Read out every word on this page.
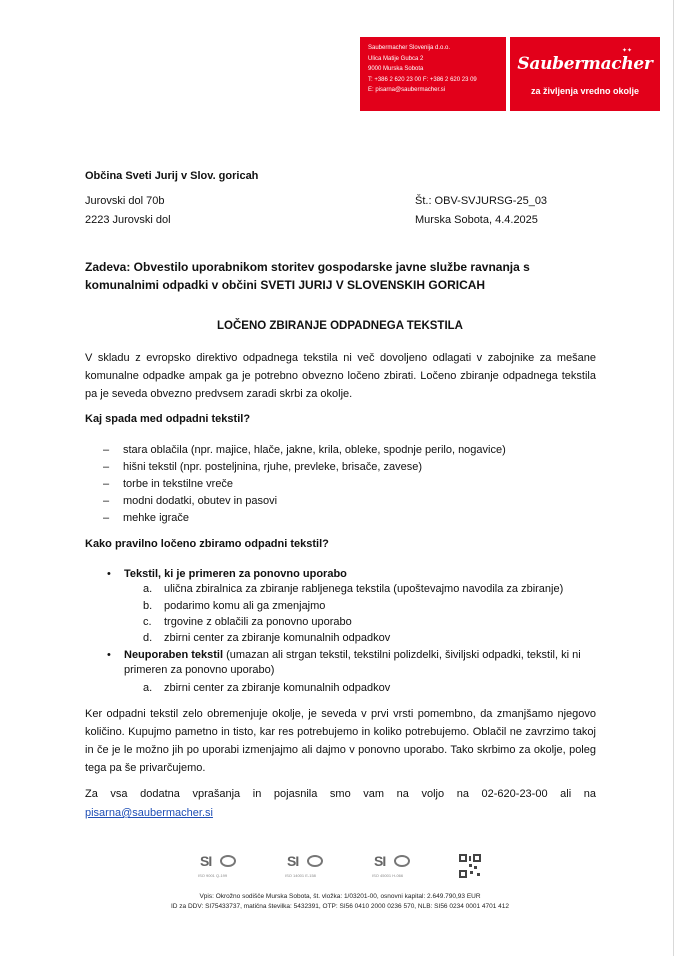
Saubermacher Slovenija d.o.o.
Ulica Matije Gubca 2
9000 Murska Sobota
T: +386 2 620 23 00 F: +386 2 620 23 09
E: pisarna@saubermacher.si
✦✦
Saubermacher
za življenja vredno okolje
Občina Sveti Jurij v Slov. goricah
Jurovski dol 70b
2223 Jurovski dol
Št.: OBV-SVJURSG-25_03
Murska Sobota, 4.4.2025
Zadeva: Obvestilo uporabnikom storitev gospodarske javne službe ravnanja s komunalnimi odpadki v občini SVETI JURIJ V SLOVENSKIH GORICAH
LOČENO ZBIRANJE ODPADNEGA TEKSTILA
V skladu z evropsko direktivo odpadnega tekstila ni več dovoljeno odlagati v zabojnike za mešane komunalne odpadke ampak ga je potrebno obvezno ločeno zbirati. Ločeno zbiranje odpadnega tekstila pa je seveda obvezno predvsem zaradi skrbi za okolje.
Kaj spada med odpadni tekstil?
– stara oblačila (npr. majice, hlače, jakne, krila, obleke, spodnje perilo, nogavice)
– hišni tekstil (npr. posteljnina, rjuhe, prevleke, brisače, zavese)
– torbe in tekstilne vreče
– modni dodatki, obutev in pasovi
– mehke igrače
Kako pravilno ločeno zbiramo odpadni tekstil?
• Tekstil, ki je primeren za ponovno uporabo
a. ulična zbiralnica za zbiranje rabljenega tekstila (upoštevajmo navodila za zbiranje)
b. podarimo komu ali ga zmenjajmo
c. trgovine z oblačili za ponovno uporabo
d. zbirni center za zbiranje komunalnih odpadkov
• Neuporaben tekstil (umazan ali strgan tekstil, tekstilni polizdelki, šiviljski odpadki, tekstil, ki ni primeren za ponovno uporabo)
a. zbirni center za zbiranje komunalnih odpadkov
Ker odpadni tekstil zelo obremenjuje okolje, je seveda v prvi vrsti pomembno, da zmanjšamo njegovo količino. Kupujmo pametno in tisto, kar res potrebujemo in koliko potrebujemo. Oblačil ne zavrzimo takoj in če je le možno jih po uporabi izmenjajmo ali dajmo v ponovno uporabo. Tako skrbimo za okolje, poleg tega pa še privarčujemo.
Za vsa dodatna vprašanja in pojasnila smo vam na voljo na 02-620-23-00 ali na
pisarna@saubermacher.si
SI
ISO 9001 Q-199
SI
ISO 14001 E-158
SI
ISO 45001 H-066
Vpis: Okrožno sodišče Murska Sobota, št. vložka: 1/03201-00, osnovni kapital: 2.649.790,93 EUR
ID za DDV: SI75433737, matična številka: 5432391, OTP: SI56 0410 2000 0236 570, NLB: SI56 0234 0001 4701 412
